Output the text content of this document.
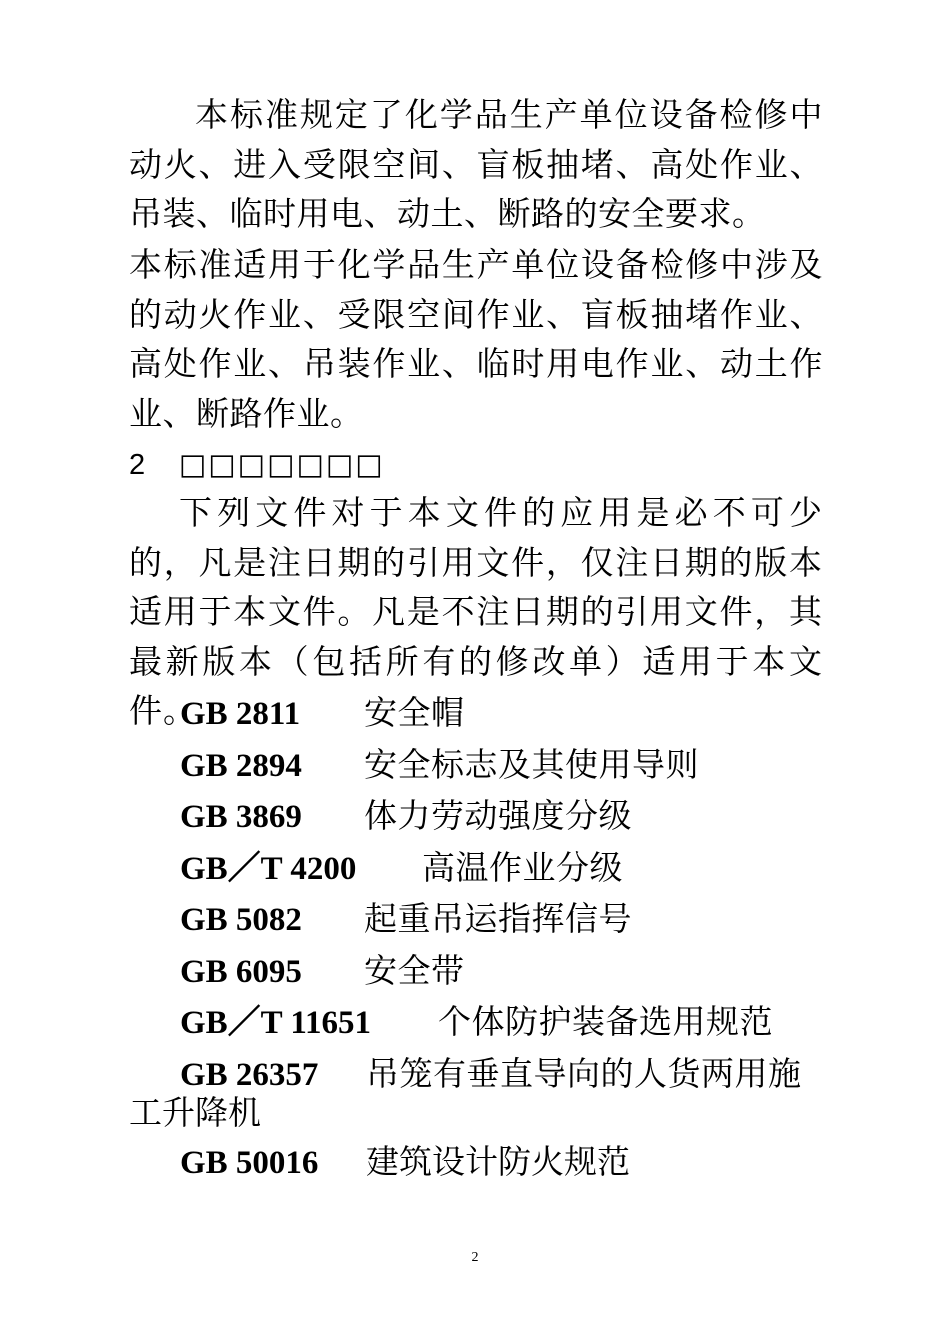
本标准规定了化学品生产单位设备检修中动火、进入受限空间、盲板抽堵、高处作业、吊装、临时用电、动土、断路的安全要求。

本标准适用于化学品生产单位设备检修中涉及的动火作业、受限空间作业、盲板抽堵作业、高处作业、吊装作业、临时用电作业、动土作业、断路作业。

2 □□□□□□□

下列文件对于本文件的应用是必不可少的，凡是注日期的引用文件，仅注日期的版本适用于本文件。凡是不注日期的引用文件，其最新版本（包括所有的修改单）适用于本文件。

GB 2811 安全帽
GB 2894 安全标志及其使用导则
GB 3869 体力劳动强度分级
GB／T 4200 高温作业分级
GB 5082 起重吊运指挥信号
GB 6095 安全带
GB／T 11651 个体防护装备选用规范
GB 26357 吊笼有垂直导向的人货两用施

工升降机

GB 50016 建筑设计防火规范
2
